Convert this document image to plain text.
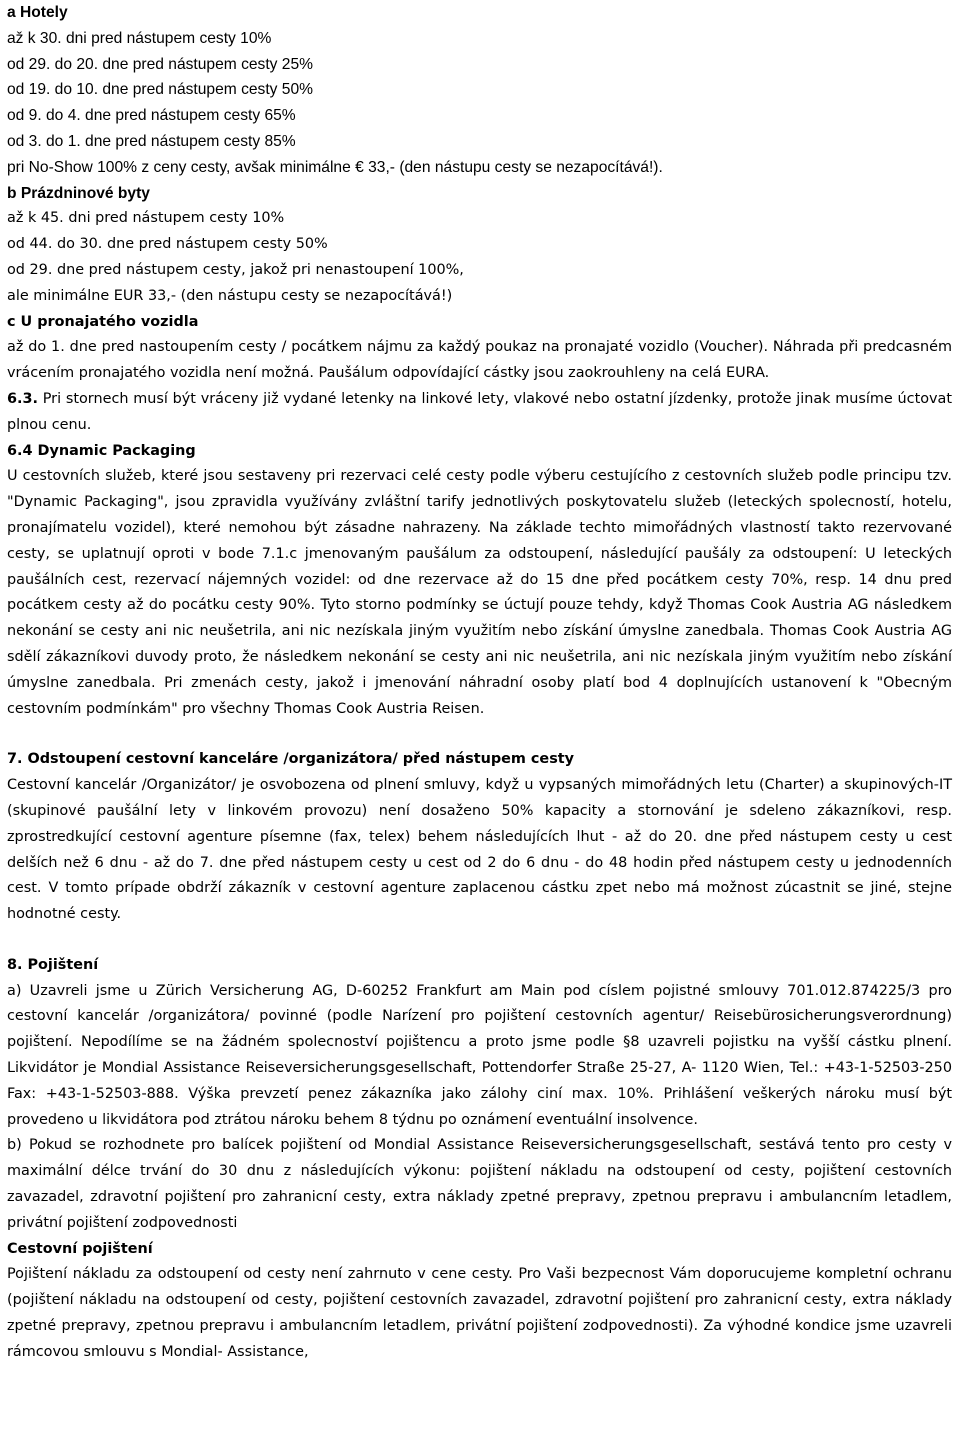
a Hotely

až k 30. dni pred nástupem cesty 10%

od 29. do 20. dne pred nástupem cesty 25%

od 19. do 10. dne pred nástupem cesty 50%

od 9. do 4. dne pred nástupem cesty 65%

od 3. do 1. dne pred nástupem cesty 85%

pri No-Show 100% z ceny cesty, avšak minimálne € 33,- (den nástupu cesty se nezapocítává!).

b Prázdninové byty

až k 45. dni pred nástupem cesty 10%

od 44. do 30. dne pred nástupem cesty 50%

od 29. dne pred nástupem cesty, jakož pri nenastoupení 100%,

ale minimálne EUR 33,- (den nástupu cesty se nezapocítává!)

c U pronajatého vozidla

až do 1. dne pred nastoupením cesty / pocátkem nájmu za každý poukaz na pronajaté vozidlo (Voucher). Náhrada při predcasném vrácením pronajatého vozidla není možná. Paušálum odpovídající cástky jsou zaokrouhleny na celá EURA.

6.3. Pri stornech musí být vráceny již vydané letenky na linkové lety, vlakové nebo ostatní jízdenky, protože jinak musíme úctovat plnou cenu.

6.4 Dynamic Packaging

U cestovních služeb, které jsou sestaveny pri rezervaci celé cesty podle výberu cestujícího z cestovních služeb podle principu tzv. "Dynamic Packaging", jsou zpravidla využívány zvláštní tarify jednotlivých poskytovatelu služeb (leteckých spolecností, hotelu, pronajímatelu vozidel), které nemohou být zásadne nahrazeny. Na základe techto mimořádných vlastností takto rezervované cesty, se uplatnují oproti v bode 7.1.c jmenovaným paušálum za odstoupení, následující paušály za odstoupení: U leteckých paušálních cest, rezervací nájemných vozidel: od dne rezervace až do 15 dne před pocátkem cesty 70%, resp. 14 dnu pred pocátkem cesty až do pocátku cesty 90%. Tyto storno podmínky se úctují pouze tehdy, když Thomas Cook Austria AG následkem nekonání se cesty ani nic neušetrila, ani nic nezískala jiným využitím nebo získání úmyslne zanedbala. Thomas Cook Austria AG sdělí zákazníkovi duvody proto, že následkem nekonání se cesty ani nic neušetrila, ani nic nezískala jiným využitím nebo získání úmyslne zanedbala. Pri zmenách cesty, jakož i jmenování náhradní osoby platí bod 4 doplnujících ustanovení k "Obecným cestovním podmínkám" pro všechny Thomas Cook Austria Reisen.

7. Odstoupení cestovní kanceláre /organizátora/ před nástupem cesty

Cestovní kancelár /Organizátor/ je osvobozena od plnení smluvy, když u vypsaných mimořádných letu (Charter) a skupinových-IT (skupinové paušální lety v linkovém provozu) není dosaženo 50% kapacity a stornování je sdeleno zákazníkovi, resp. zprostredkující cestovní agenture písemne (fax, telex) behem následujících lhut - až do 20. dne před nástupem cesty u cest delších než 6 dnu - až do 7. dne před nástupem cesty u cest od 2 do 6 dnu - do 48 hodin před nástupem cesty u jednodenních cest. V tomto prípade obdrží zákazník v cestovní agenture zaplacenou cástku zpet nebo má možnost zúcastnit se jiné, stejne hodnotné cesty.

8. Pojištení

a) Uzavreli jsme u Zürich Versicherung AG, D-60252 Frankfurt am Main pod císlem pojistné smlouvy 701.012.874225/3 pro cestovní kancelár /organizátora/ povinné (podle Narízení pro pojištení cestovních agentur/ Reisebürosicherungsverordnung) pojištení. Nepodílíme se na žádném spolecnoství pojištencu a proto jsme podle §8 uzavreli pojistku na vyšší cástku plnení. Likvidátor je Mondial Assistance Reiseversicherungsgesellschaft, Pottendorfer Straße 25-27, A- 1120 Wien, Tel.: +43-1-52503-250 Fax: +43-1-52503-888. Výška prevzetí penez zákazníka jako zálohy ciní max. 10%. Prihlášení veškerých nároku musí být provedeno u likvidátora pod ztrátou nároku behem 8 týdnu po oznámení eventuální insolvence.

b) Pokud se rozhodnete pro balícek pojištení od Mondial Assistance Reiseversicherungsgesellschaft, sestává tento pro cesty v maximální délce trvání do 30 dnu z následujících výkonu: pojištení nákladu na odstoupení od cesty, pojištení cestovních zavazadel, zdravotní pojištení pro zahranicní cesty, extra náklady zpetné prepravy, zpetnou prepravu i ambulancním letadlem, privátní pojištení zodpovednosti

Cestovní pojištení

Pojištení nákladu za odstoupení od cesty není zahrnuto v cene cesty. Pro Vaši bezpecnost Vám doporucujeme kompletní ochranu (pojištení nákladu na odstoupení od cesty, pojištení cestovních zavazadel, zdravotní pojištení pro zahranicní cesty, extra náklady zpetné prepravy, zpetnou prepravu i ambulancním letadlem, privátní pojištení zodpovednosti). Za výhodné kondice jsme uzavreli rámcovou smlouvu s Mondial- Assistance,
